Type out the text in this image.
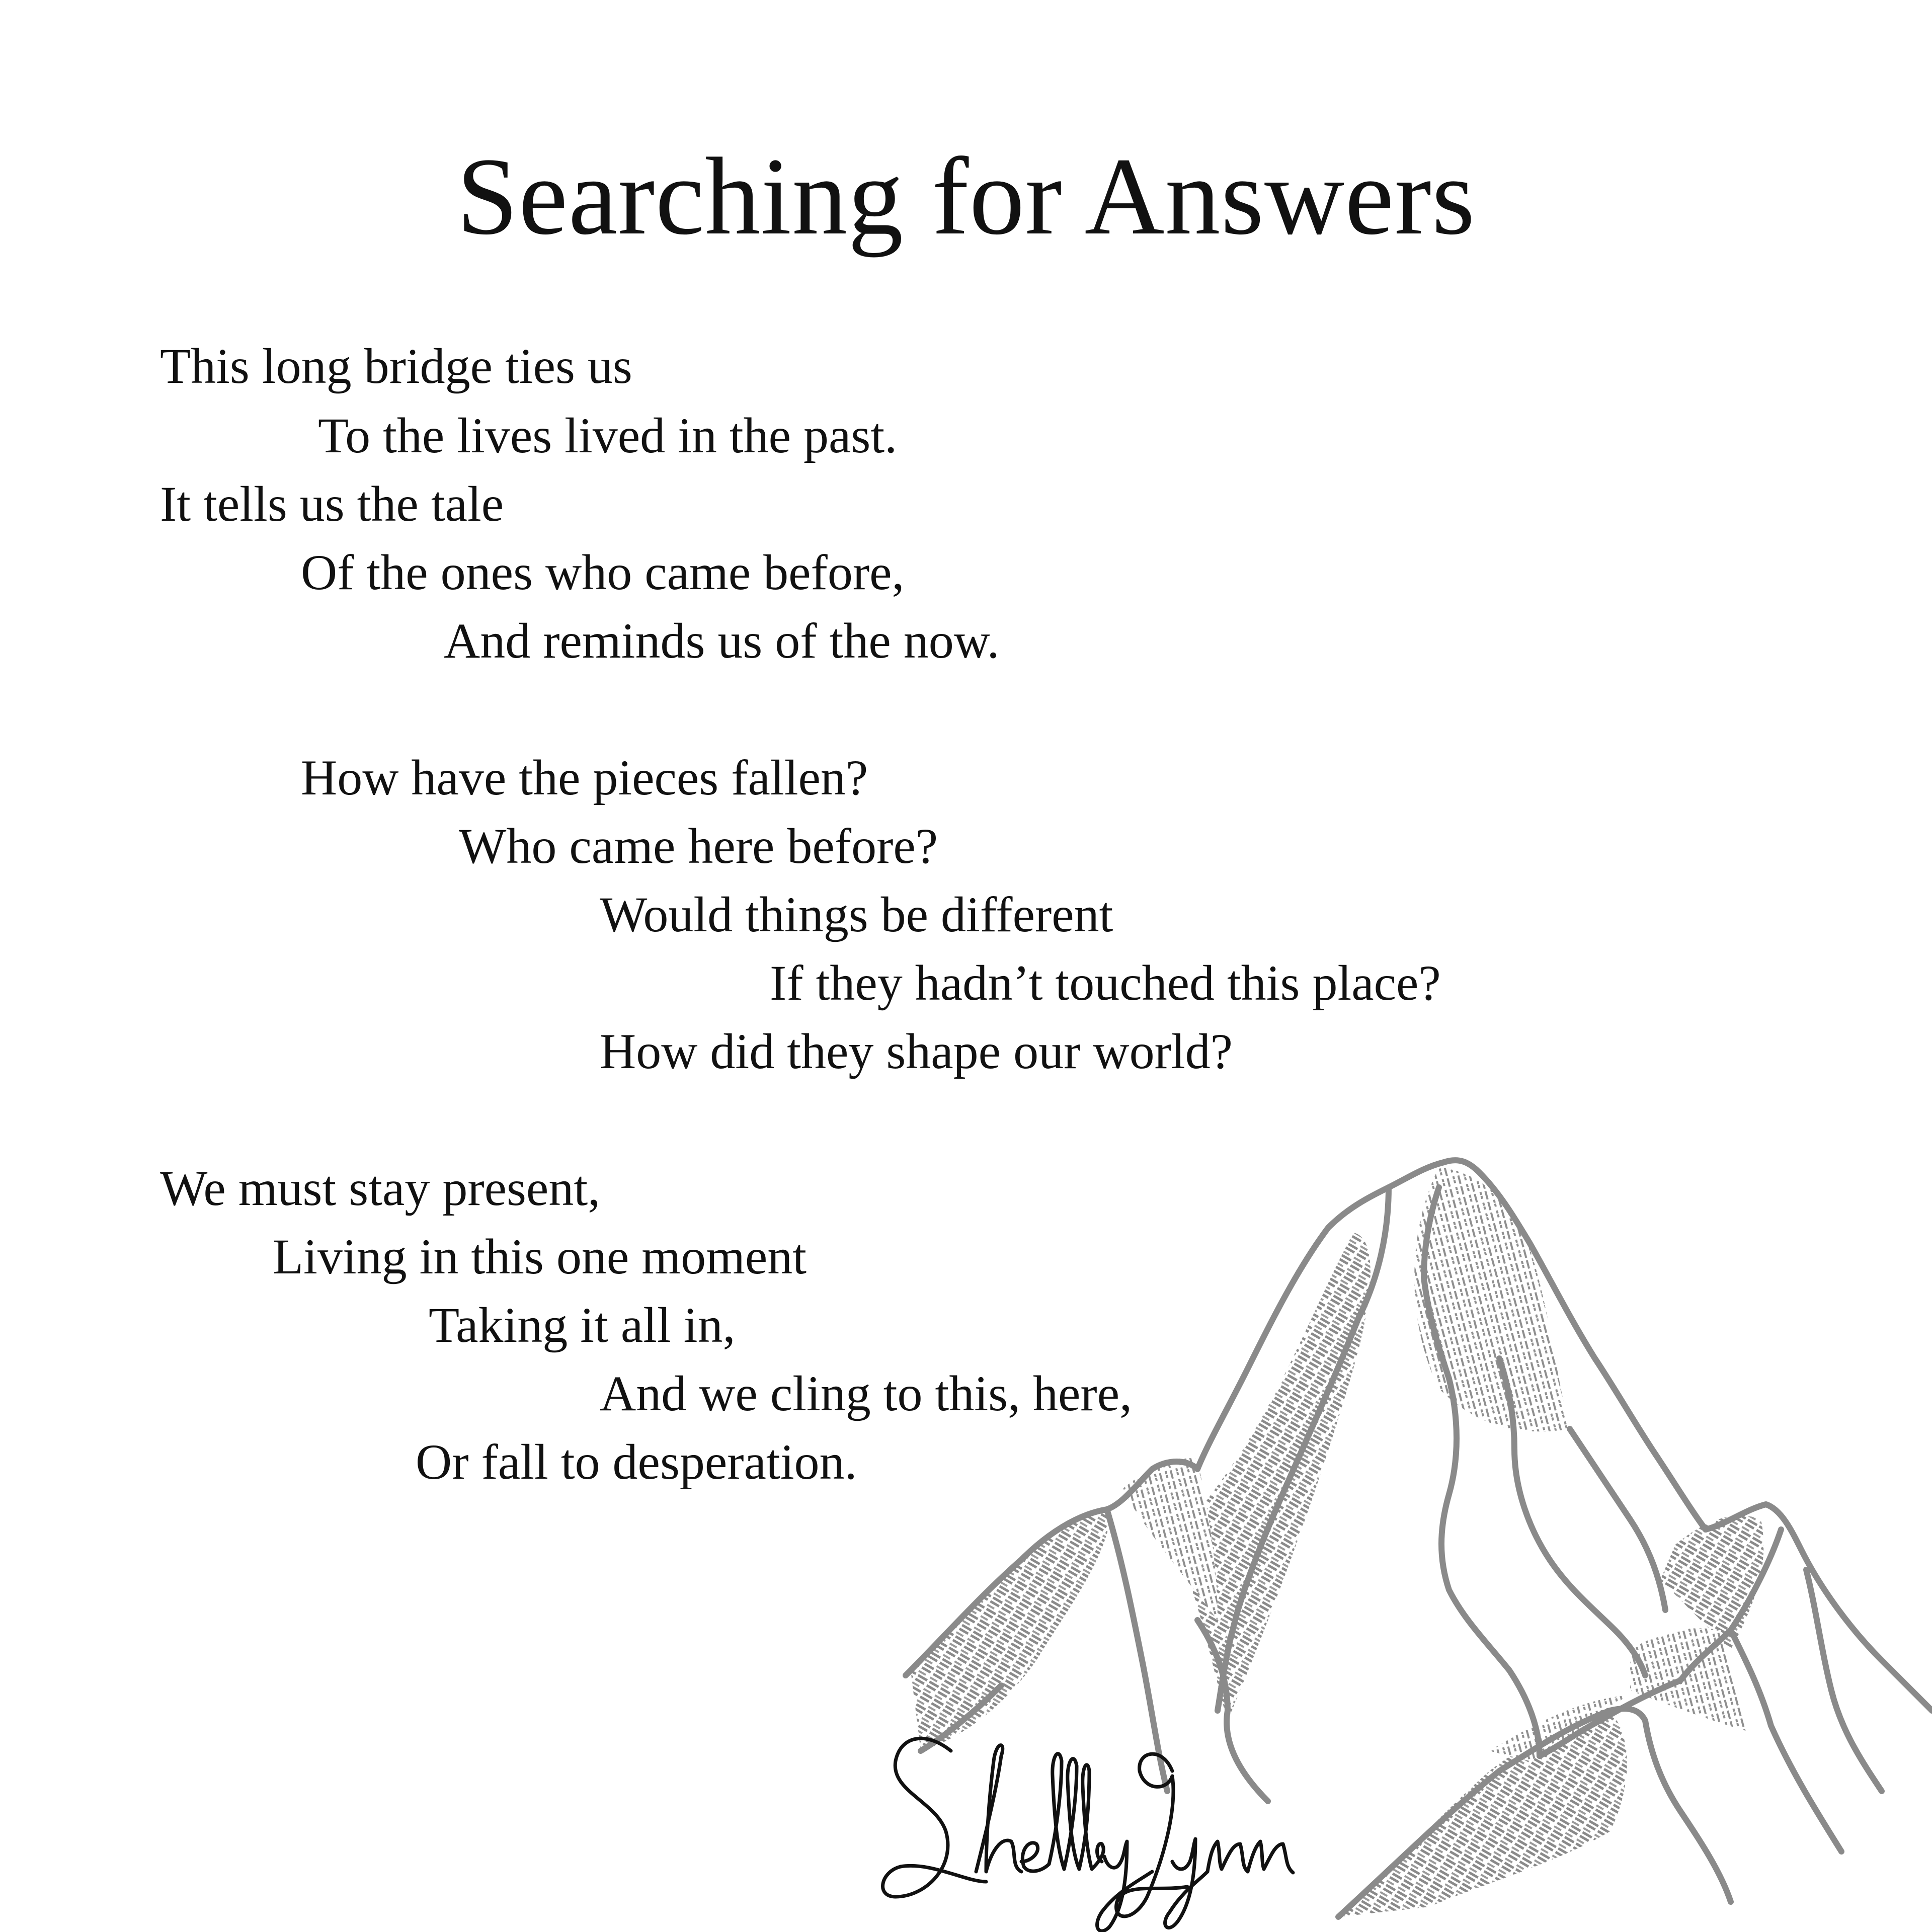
Searching for Answers

This long bridge ties us

To the lives lived in the past.

It tells us the tale

Of the ones who came before,

And reminds us of the now.

How have the pieces fallen?

Who came here before?

Would things be different

If they hadn’t touched this place?

How did they shape our world?

We must stay present,

Living in this one moment

Taking it all in,

And we cling to this, here,

Or fall to desperation.
